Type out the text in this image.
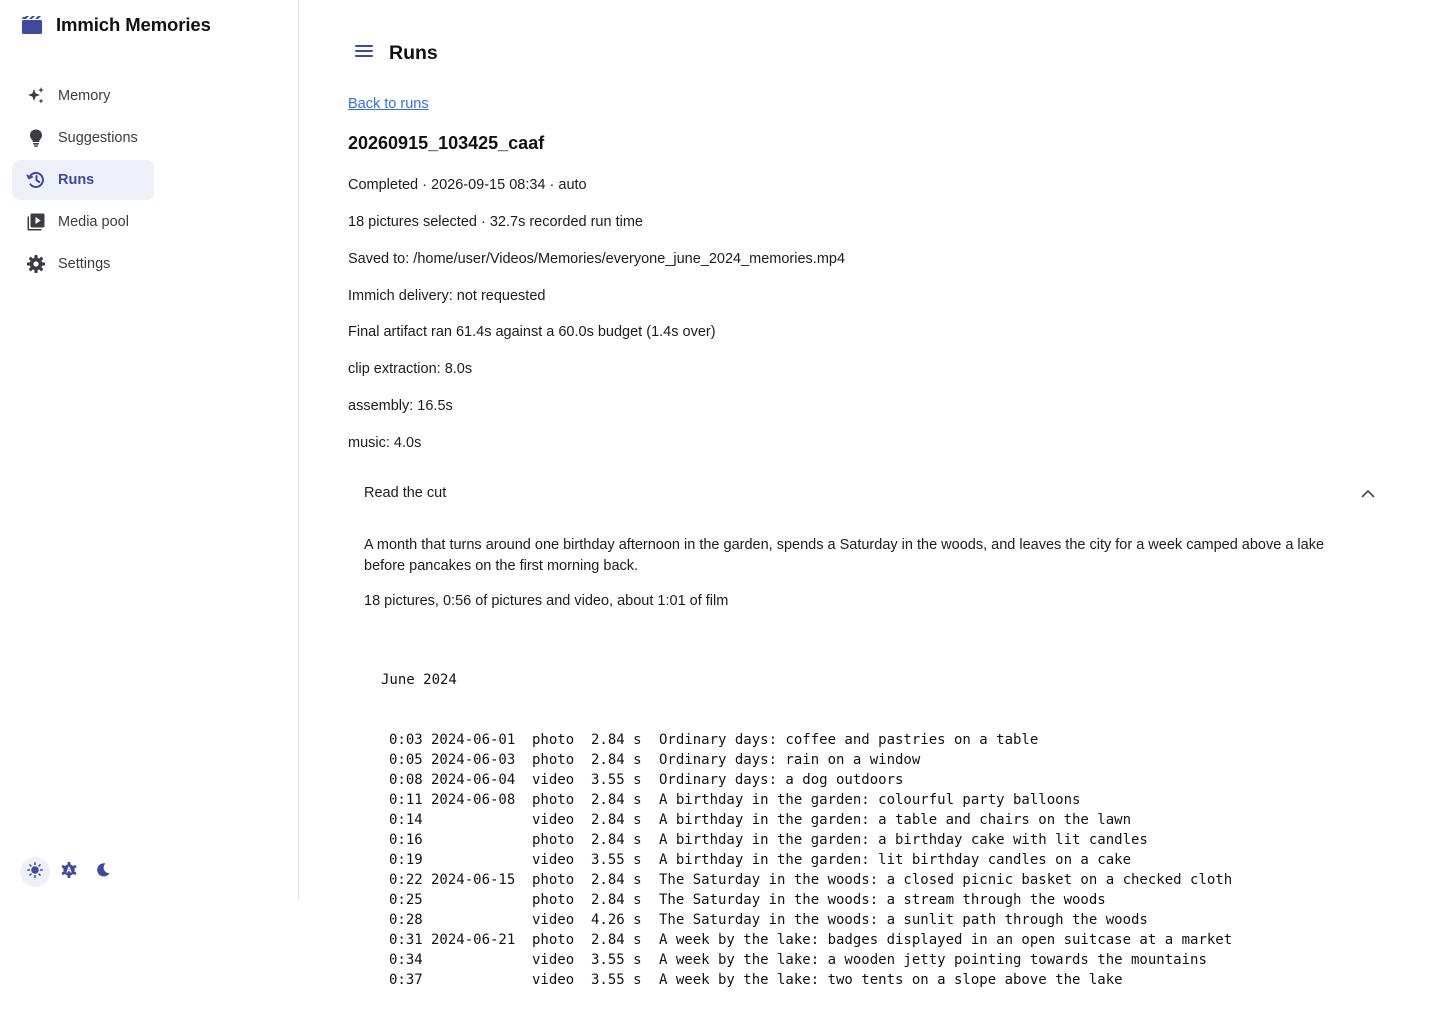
Immich Memories
Memory
Suggestions
Runs
Media pool
Settings
Runs
Back to runs
20260915_103425_caaf
Completed · 2026-09-15 08:34 · auto
18 pictures selected · 32.7s recorded run time
Saved to: /home/user/Videos/Memories/everyone_june_2024_memories.mp4
Immich delivery: not requested
Final artifact ran 61.4s against a 60.0s budget (1.4s over)
clip extraction: 8.0s
assembly: 16.5s
music: 4.0s
Read the cut

A month that turns around one birthday afternoon in the garden, spends a Saturday in the woods, and leaves the city for a week camped above a lake before pancakes on the first morning back.

18 pictures, 0:56 of pictures and video, about 1:01 of film

June 2024

0:03 2024-06-01	photo	2.84 s	Ordinary days: coffee and pastries on a table
0:05 2024-06-03	photo	2.84 s	Ordinary days: rain on a window
0:08 2024-06-04	video	3.55 s	Ordinary days: a dog outdoors
0:11 2024-06-08	photo	2.84 s	A birthday in the garden: colourful party balloons
0:14	video	2.84 s	A birthday in the garden: a table and chairs on the lawn
0:16	photo	2.84 s	A birthday in the garden: a birthday cake with lit candles
0:19	video	3.55 s	A birthday in the garden: lit birthday candles on a cake
0:22 2024-06-15	photo	2.84 s	The Saturday in the woods: a closed picnic basket on a checked cloth
0:25	photo	2.84 s	The Saturday in the woods: a stream through the woods
0:28	video	4.26 s	The Saturday in the woods: a sunlit path through the woods
0:31 2024-06-21	photo	2.84 s	A week by the lake: badges displayed in an open suitcase at a market
0:34	video	3.55 s	A week by the lake: a wooden jetty pointing towards the mountains
0:37	video	3.55 s	A week by the lake: two tents on a slope above the lake
